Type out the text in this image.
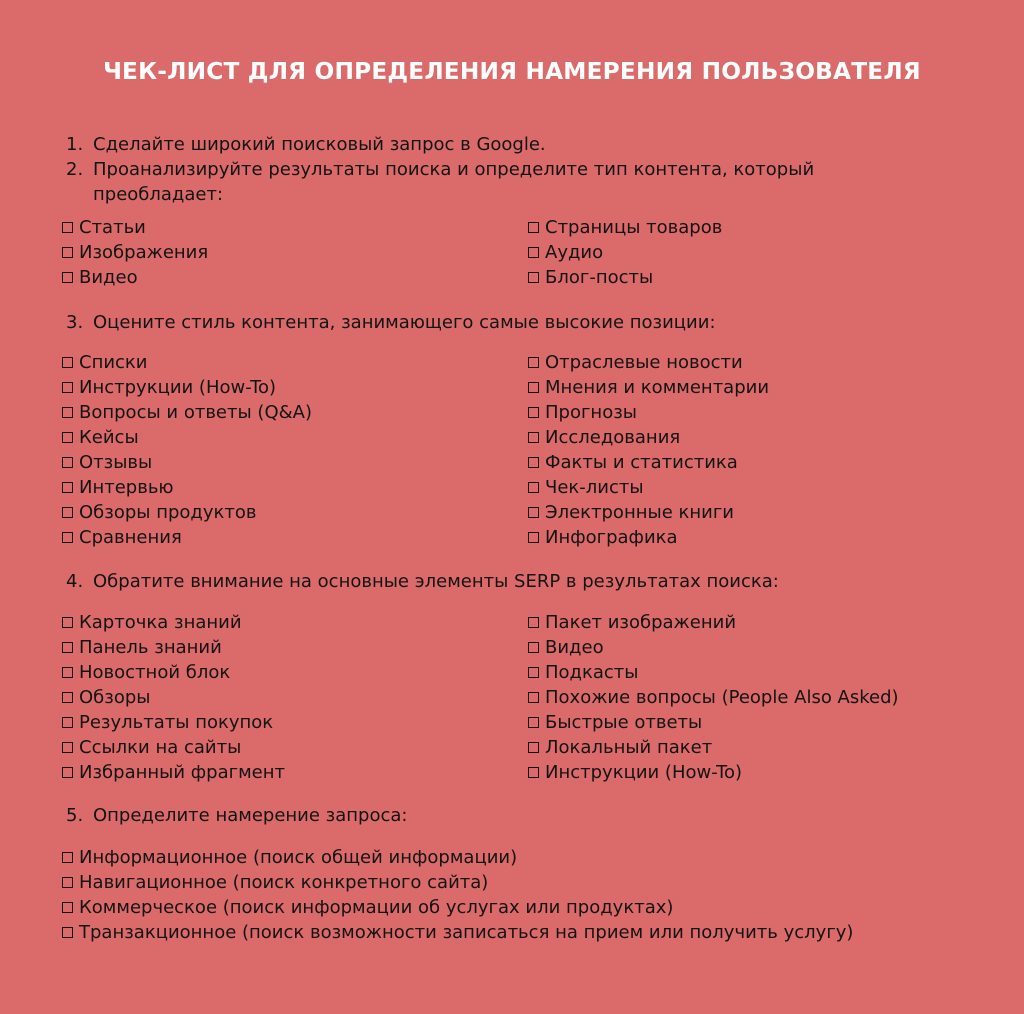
ЧЕК-ЛИСТ ДЛЯ ОПРЕДЕЛЕНИЯ НАМЕРЕНИЯ ПОЛЬЗОВАТЕЛЯ
1. Сделайте широкий поисковый запрос в Google.
2. Проанализируйте результаты поиска и определите тип контента, который
преобладает:
Статьи
Изображения
Видео
Страницы товаров
Аудио
Блог-посты
3. Оцените стиль контента, занимающего самые высокие позиции:
Списки
Инструкции (How-To)
Вопросы и ответы (Q&A)
Кейсы
Отзывы
Интервью
Обзоры продуктов
Сравнения
Отраслевые новости
Мнения и комментарии
Прогнозы
Исследования
Факты и статистика
Чек-листы
Электронные книги
Инфографика
4. Обратите внимание на основные элементы SERP в результатах поиска:
Карточка знаний
Панель знаний
Новостной блок
Обзоры
Результаты покупок
Ссылки на сайты
Избранный фрагмент
Пакет изображений
Видео
Подкасты
Похожие вопросы (People Also Asked)
Быстрые ответы
Локальный пакет
Инструкции (How-To)
5. Определите намерение запроса:
Информационное (поиск общей информации)
Навигационное (поиск конкретного сайта)
Коммерческое (поиск информации об услугах или продуктах)
Транзакционное (поиск возможности записаться на прием или получить услугу)
